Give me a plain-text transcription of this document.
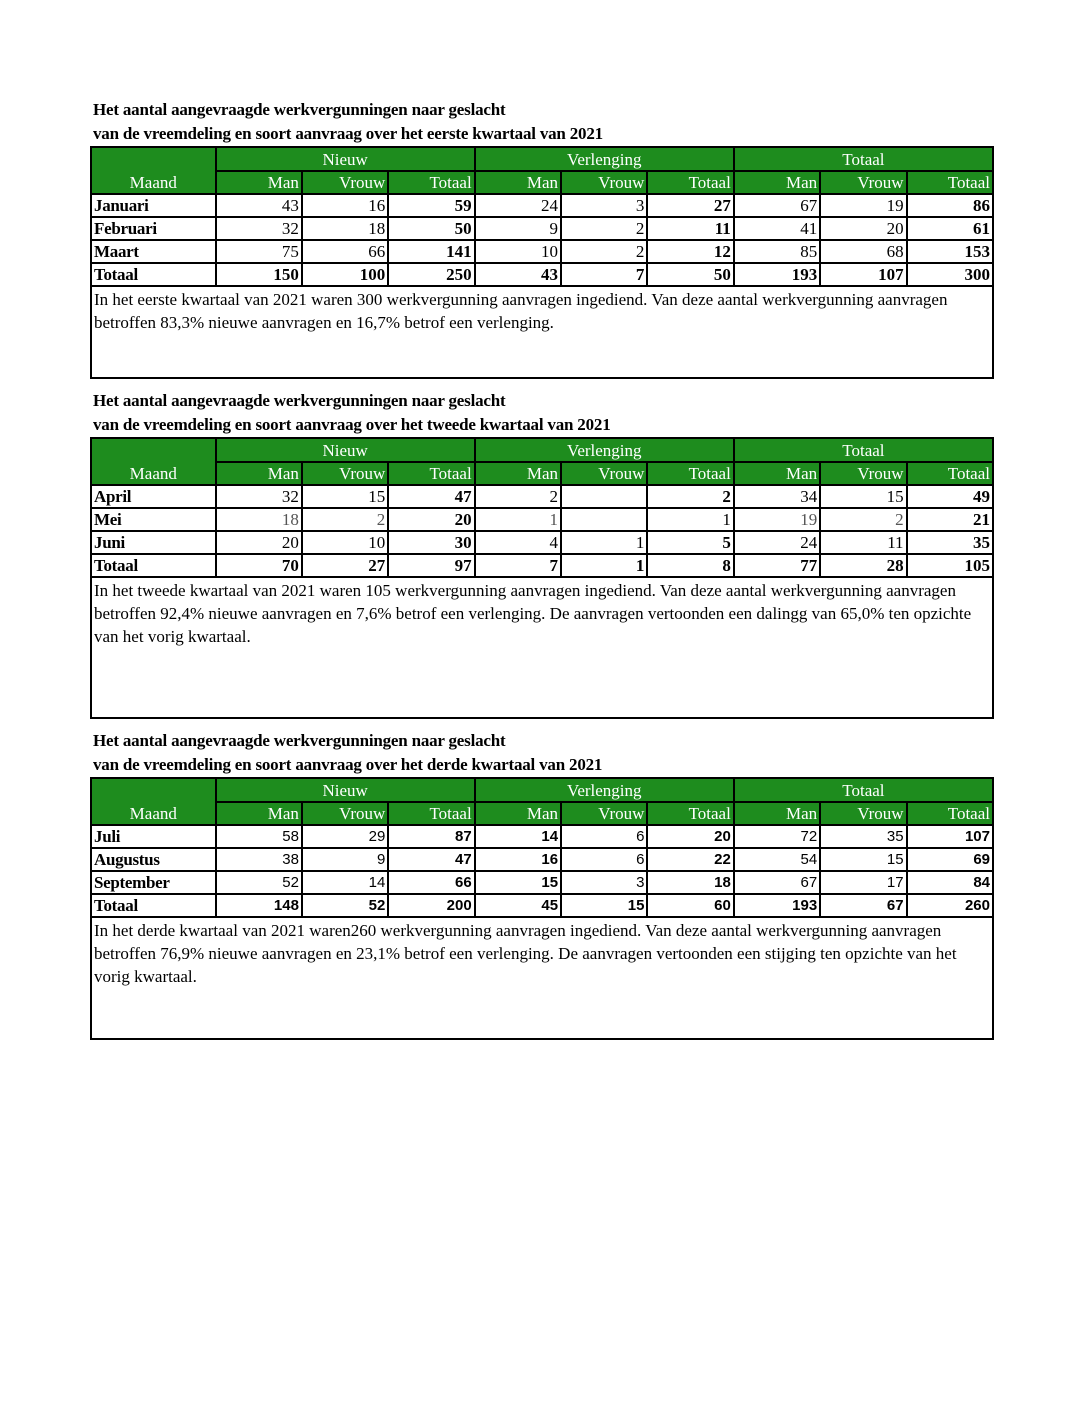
Het aantal aangevraagde werkvergunningen naar geslacht
van de vreemdeling en soort aanvraag over het eerste kwartaal van 2021
Maand	Nieuw			Verlenging			Totaal		
	Man	Vrouw	Totaal	Man	Vrouw	Totaal	Man	Vrouw	Totaal
Januari	43	16	59	24	3	27	67	19	86
Februari	32	18	50	9	2	11	41	20	61
Maart	75	66	141	10	2	12	85	68	153
Totaal	150	100	250	43	7	50	193	107	300
In het eerste kwartaal van 2021 waren 300 werkvergunning aanvragen ingediend. Van deze aantal werkvergunning aanvragen betroffen 83,3% nieuwe aanvragen en 16,7% betrof een verlenging.									
Het aantal aangevraagde werkvergunningen naar geslacht
van de vreemdeling en soort aanvraag over het tweede kwartaal van 2021
Maand	Nieuw			Verlenging			Totaal		
	Man	Vrouw	Totaal	Man	Vrouw	Totaal	Man	Vrouw	Totaal
April	32	15	47	2		2	34	15	49
Mei	18	2	20	1		1	19	2	21
Juni	20	10	30	4	1	5	24	11	35
Totaal	70	27	97	7	1	8	77	28	105
In het tweede kwartaal van 2021 waren 105 werkvergunning aanvragen ingediend. Van deze aantal werkvergunning aanvragen betroffen 92,4% nieuwe aanvragen en 7,6% betrof een verlenging. De aanvragen vertoonden een dalingg van 65,0% ten opzichte van het vorig kwartaal.									
Het aantal aangevraagde werkvergunningen naar geslacht
van de vreemdeling en soort aanvraag over het derde kwartaal van 2021
Maand	Nieuw			Verlenging			Totaal		
	Man	Vrouw	Totaal	Man	Vrouw	Totaal	Man	Vrouw	Totaal
Juli	58	29	87	14	6	20	72	35	107
Augustus	38	9	47	16	6	22	54	15	69
September	52	14	66	15	3	18	67	17	84
Totaal	148	52	200	45	15	60	193	67	260
In het derde kwartaal van 2021 waren260 werkvergunning aanvragen ingediend. Van deze aantal werkvergunning aanvragen betroffen 76,9% nieuwe aanvragen en 23,1% betrof een verlenging. De aanvragen vertoonden een stijging ten opzichte van het vorig kwartaal.									
